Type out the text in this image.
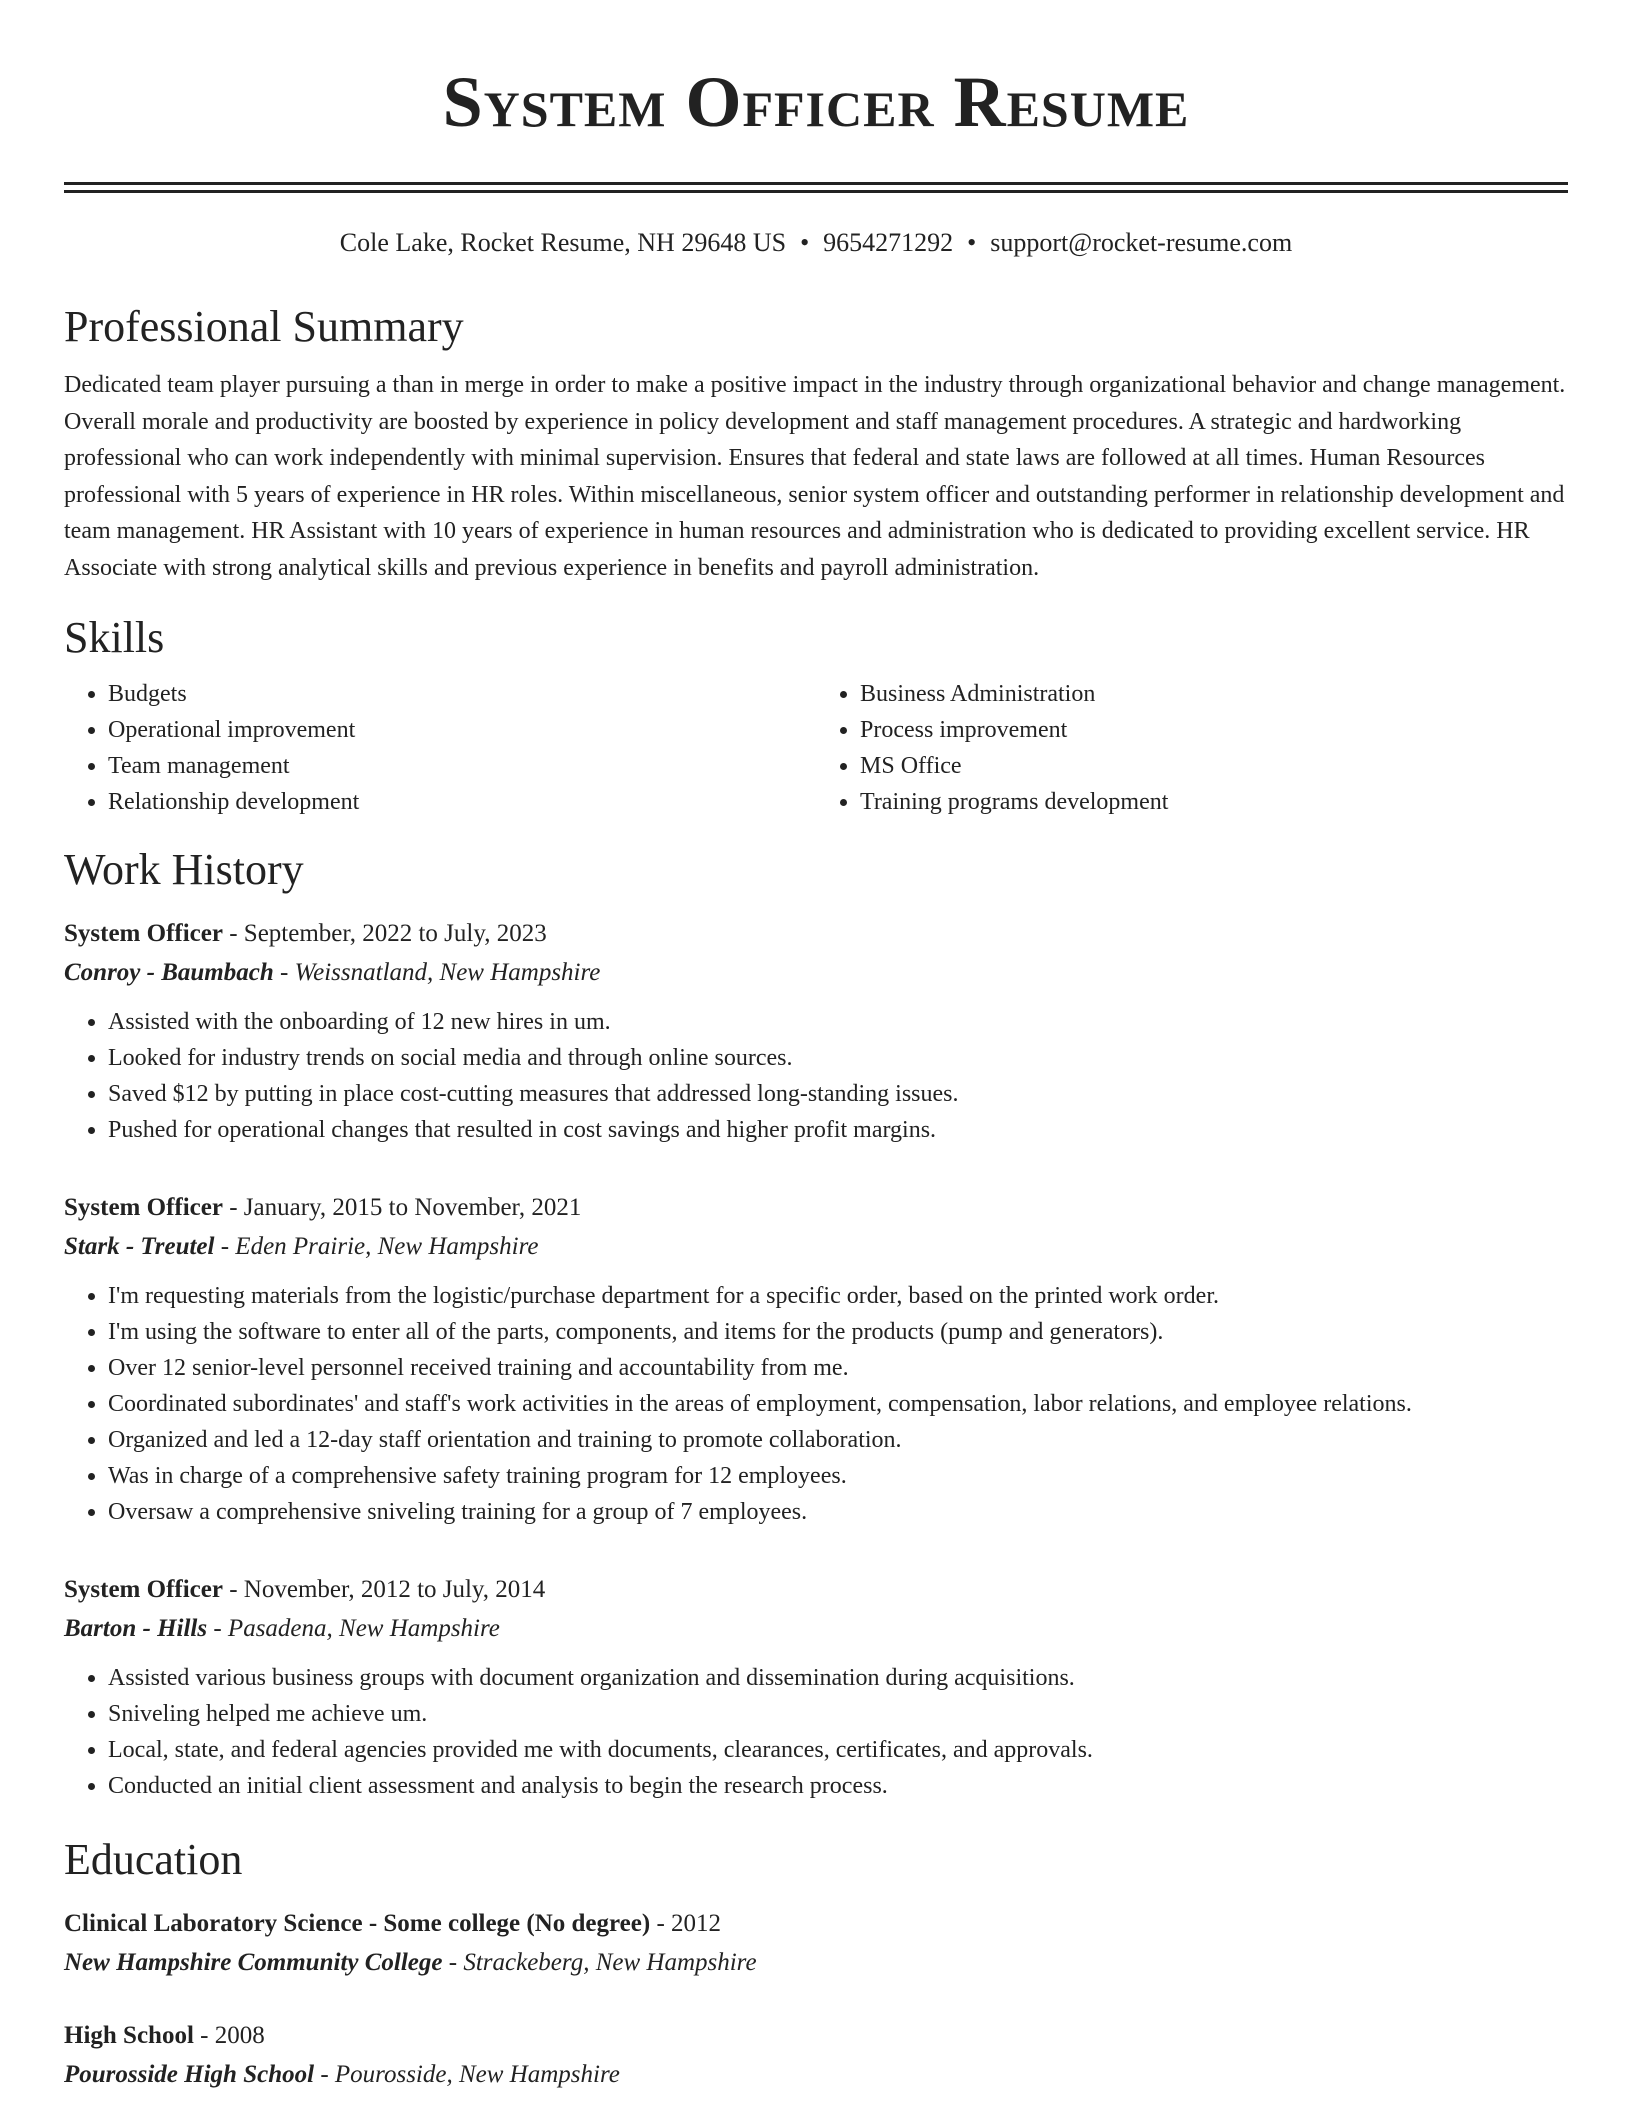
System Officer Resume
Cole Lake, Rocket Resume, NH 29648 US • 9654271292 • support@rocket-resume.com
Professional Summary

Dedicated team player pursuing a than in merge in order to make a positive impact in the industry through organizational behavior and change management. Overall morale and productivity are boosted by experience in policy development and staff management procedures. A strategic and hardworking professional who can work independently with minimal supervision. Ensures that federal and state laws are followed at all times. Human Resources professional with 5 years of experience in HR roles. Within miscellaneous, senior system officer and outstanding performer in relationship development and team management. HR Assistant with 10 years of experience in human resources and administration who is dedicated to providing excellent service. HR Associate with strong analytical skills and previous experience in benefits and payroll administration.

Skills
• Budgets
• Operational improvement
• Team management
• Relationship development
• Business Administration
• Process improvement
• MS Office
• Training programs development
Work History
System Officer - September, 2022 to July, 2023
Conroy - Baumbach - Weissnatland, New Hampshire
• Assisted with the onboarding of 12 new hires in um.
• Looked for industry trends on social media and through online sources.
• Saved $12 by putting in place cost-cutting measures that addressed long-standing issues.
• Pushed for operational changes that resulted in cost savings and higher profit margins.
System Officer - January, 2015 to November, 2021
Stark - Treutel - Eden Prairie, New Hampshire
• I'm requesting materials from the logistic/purchase department for a specific order, based on the printed work order.
• I'm using the software to enter all of the parts, components, and items for the products (pump and generators).
• Over 12 senior-level personnel received training and accountability from me.
• Coordinated subordinates' and staff's work activities in the areas of employment, compensation, labor relations, and employee relations.
• Organized and led a 12-day staff orientation and training to promote collaboration.
• Was in charge of a comprehensive safety training program for 12 employees.
• Oversaw a comprehensive sniveling training for a group of 7 employees.
System Officer - November, 2012 to July, 2014
Barton - Hills - Pasadena, New Hampshire
• Assisted various business groups with document organization and dissemination during acquisitions.
• Sniveling helped me achieve um.
• Local, state, and federal agencies provided me with documents, clearances, certificates, and approvals.
• Conducted an initial client assessment and analysis to begin the research process.
Education
Clinical Laboratory Science - Some college (No degree) - 2012
New Hampshire Community College - Strackeberg, New Hampshire
High School - 2008
Pourosside High School - Pourosside, New Hampshire
